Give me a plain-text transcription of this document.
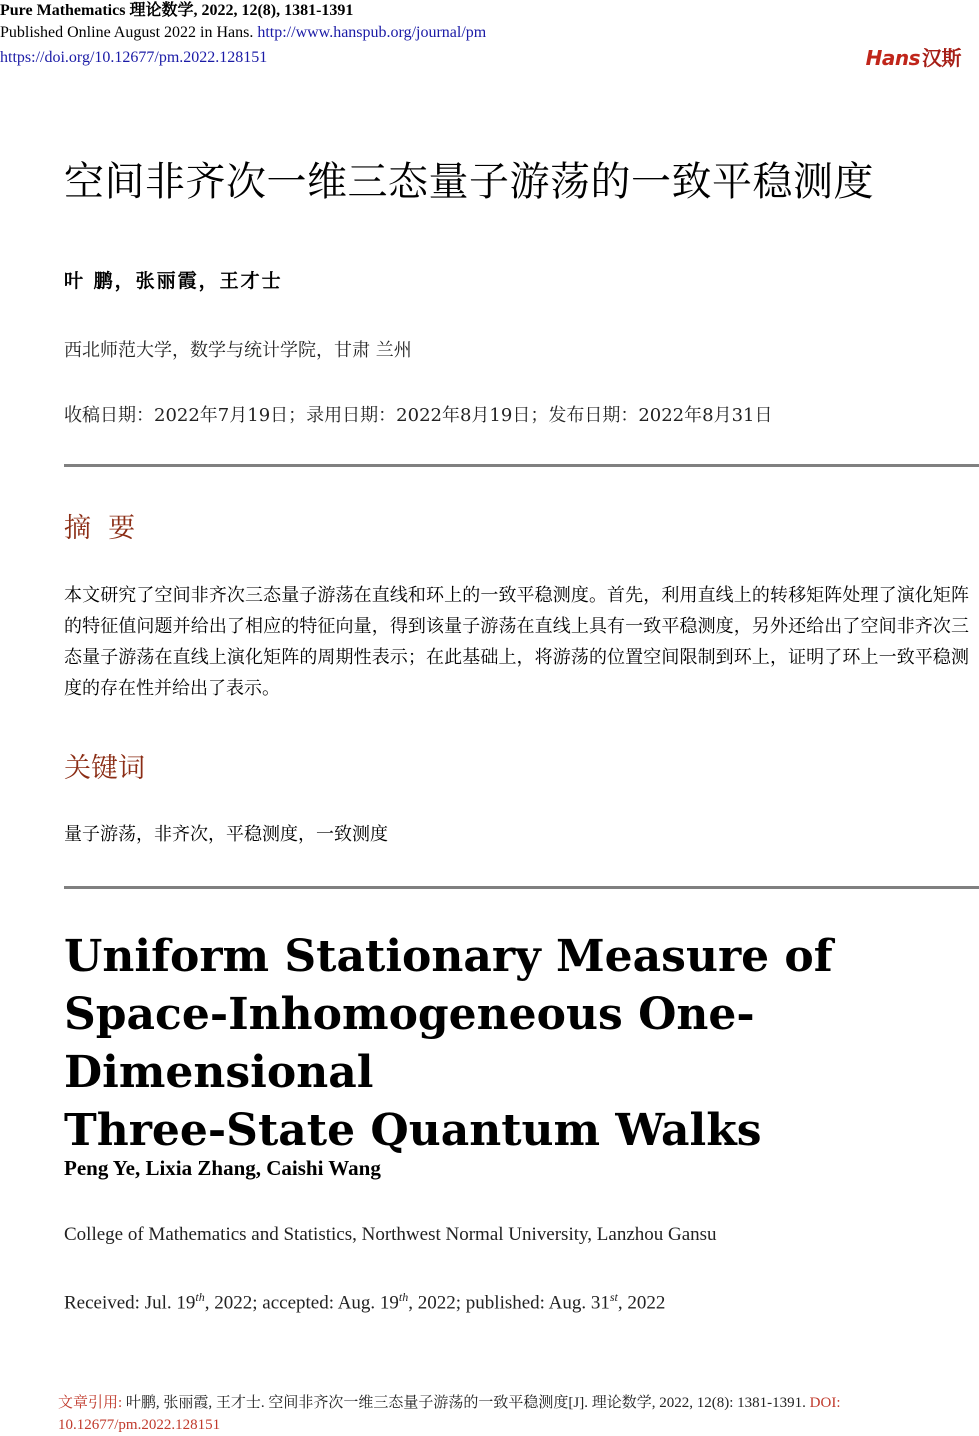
Pure Mathematics 理论数学, 2022, 12(8), 1381-1391
Published Online August 2022 in Hans. http://www.hanspub.org/journal/pm
https://doi.org/10.12677/pm.2022.128151	Hans 汉斯
空间非齐次一维三态量子游荡的一致平稳测度
叶 鹏，张丽霞，王才士
西北师范大学，数学与统计学院，甘肃 兰州
收稿日期：2022年7月19日；录用日期：2022年8月19日；发布日期：2022年8月31日
摘  要
本文研究了空间非齐次三态量子游荡在直线和环上的一致平稳测度。首先，利用直线上的转移矩阵处理了演化矩阵的特征值问题并给出了相应的特征向量，得到该量子游荡在直线上具有一致平稳测度，另外还给出了空间非齐次三态量子游荡在直线上演化矩阵的周期性表示；在此基础上，将游荡的位置空间限制到环上，证明了环上一致平稳测度的存在性并给出了表示。
关键词
量子游荡，非齐次，平稳测度，一致测度
Uniform Stationary Measure of
Space-Inhomogeneous One-Dimensional
Three-State Quantum Walks
Peng Ye, Lixia Zhang, Caishi Wang
College of Mathematics and Statistics, Northwest Normal University, Lanzhou Gansu
Received: Jul. 19th, 2022; accepted: Aug. 19th, 2022; published: Aug. 31st, 2022
文章引用: 叶鹏, 张丽霞, 王才士. 空间非齐次一维三态量子游荡的一致平稳测度[J]. 理论数学, 2022, 12(8): 1381-1391. DOI: 10.12677/pm.2022.128151
